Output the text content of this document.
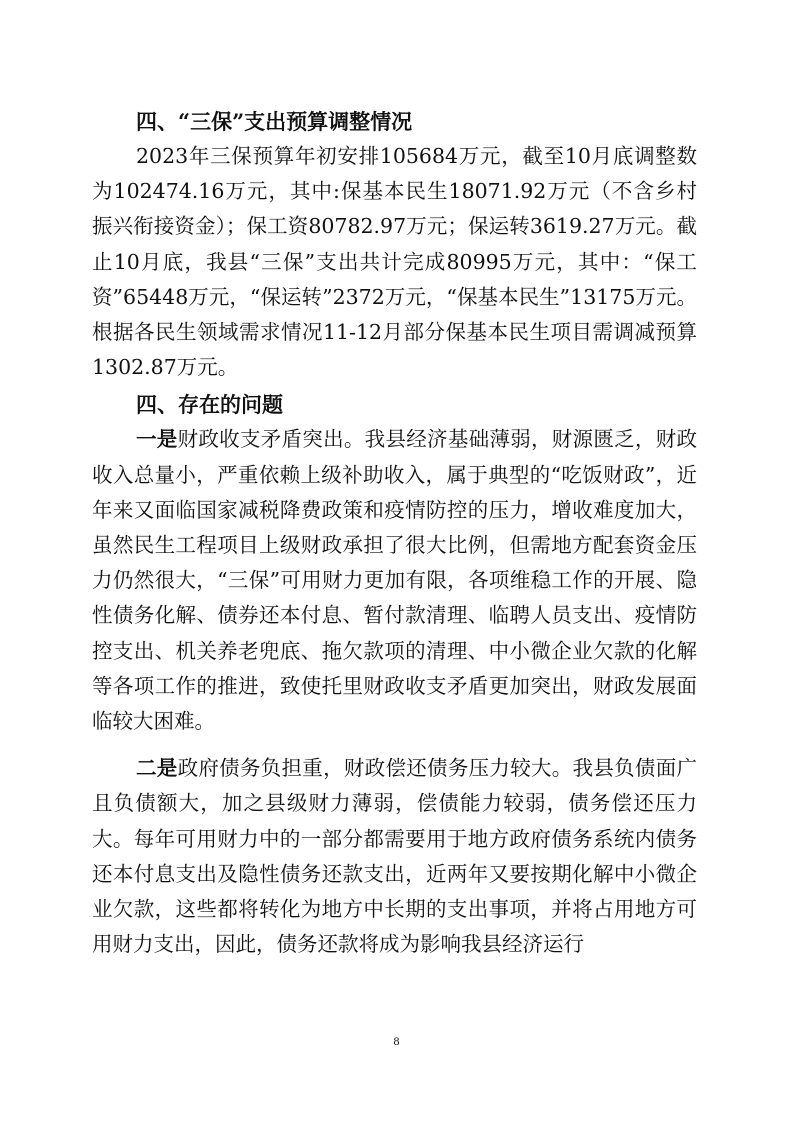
四、“三保”支出预算调整情况

2023年三保预算年初安排105684万元，截至10月底调整数为102474.16万元，其中:保基本民生18071.92万元（不含乡村振兴衔接资金）；保工资80782.97万元；保运转3619.27万元。截止10月底，我县“三保”支出共计完成80995万元，其中：“保工资”65448万元，“保运转”2372万元，“保基本民生”13175万元。根据各民生领域需求情况11-12月部分保基本民生项目需调减预算1302.87万元。

四、存在的问题

一是财政收支矛盾突出。我县经济基础薄弱，财源匮乏，财政收入总量小，严重依赖上级补助收入，属于典型的“吃饭财政”，近年来又面临国家减税降费政策和疫情防控的压力，增收难度加大，虽然民生工程项目上级财政承担了很大比例，但需地方配套资金压力仍然很大，“三保”可用财力更加有限，各项维稳工作的开展、隐性债务化解、债券还本付息、暂付款清理、临聘人员支出、疫情防控支出、机关养老兜底、拖欠款项的清理、中小微企业欠款的化解等各项工作的推进，致使托里财政收支矛盾更加突出，财政发展面临较大困难。

二是政府债务负担重，财政偿还债务压力较大。我县负债面广且负债额大，加之县级财力薄弱，偿债能力较弱，债务偿还压力大。每年可用财力中的一部分都需要用于地方政府债务系统内债务还本付息支出及隐性债务还款支出，近两年又要按期化解中小微企业欠款，这些都将转化为地方中长期的支出事项，并将占用地方可用财力支出，因此，债务还款将成为影响我县经济运行

8
